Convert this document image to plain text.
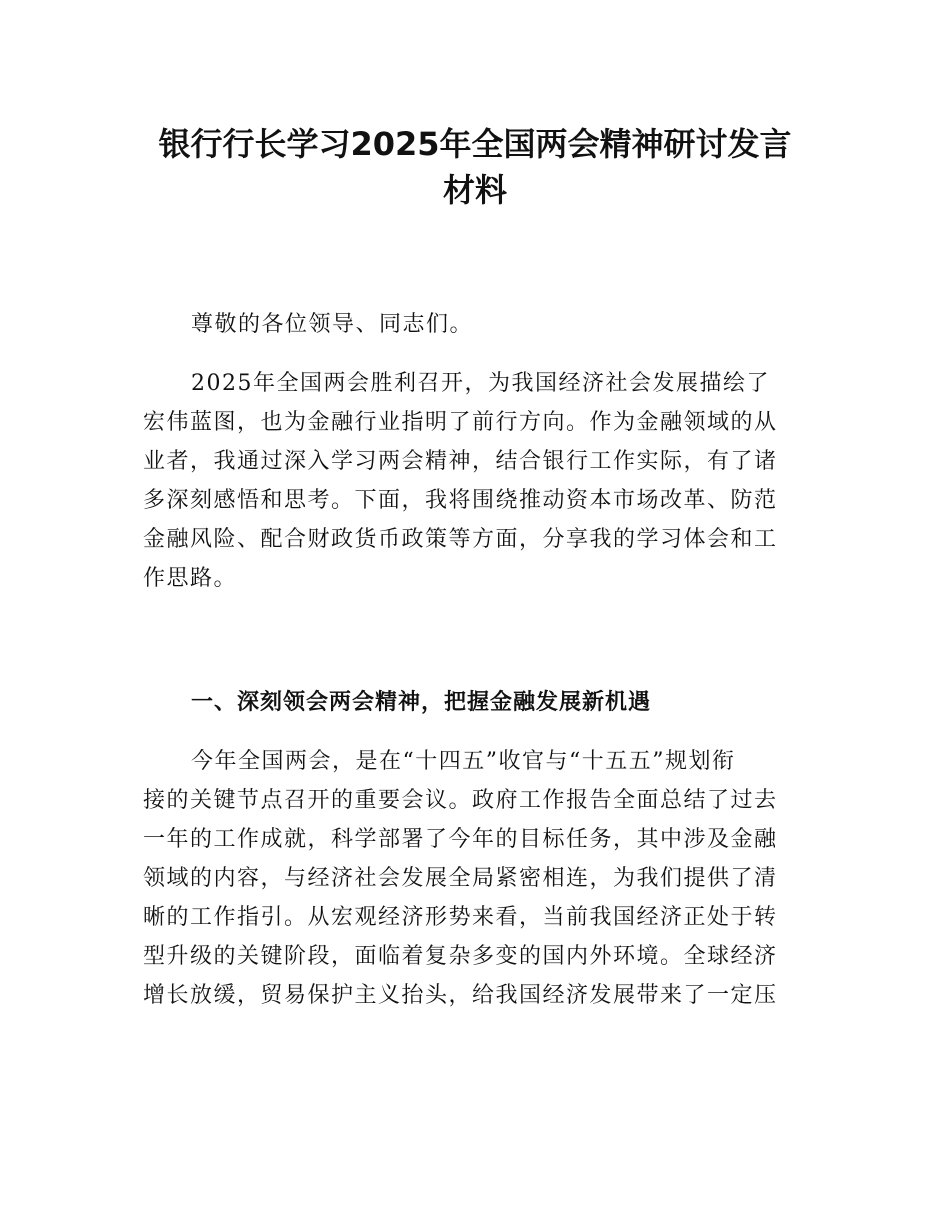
银行行长学习2025年全国两会精神研讨发言
材料

尊敬的各位领导、同志们。

2025年全国两会胜利召开，为我国经济社会发展描绘了
宏伟蓝图，也为金融行业指明了前行方向。作为金融领域的从
业者，我通过深入学习两会精神，结合银行工作实际，有了诸
多深刻感悟和思考。下面，我将围绕推动资本市场改革、防范
金融风险、配合财政货币政策等方面，分享我的学习体会和工
作思路。

一、深刻领会两会精神，把握金融发展新机遇

今年全国两会，是在“十四五”收官与“十五五”规划衔
接的关键节点召开的重要会议。政府工作报告全面总结了过去
一年的工作成就，科学部署了今年的目标任务，其中涉及金融
领域的内容，与经济社会发展全局紧密相连，为我们提供了清
晰的工作指引。从宏观经济形势来看，当前我国经济正处于转
型升级的关键阶段，面临着复杂多变的国内外环境。全球经济
增长放缓，贸易保护主义抬头，给我国经济发展带来了一定压
